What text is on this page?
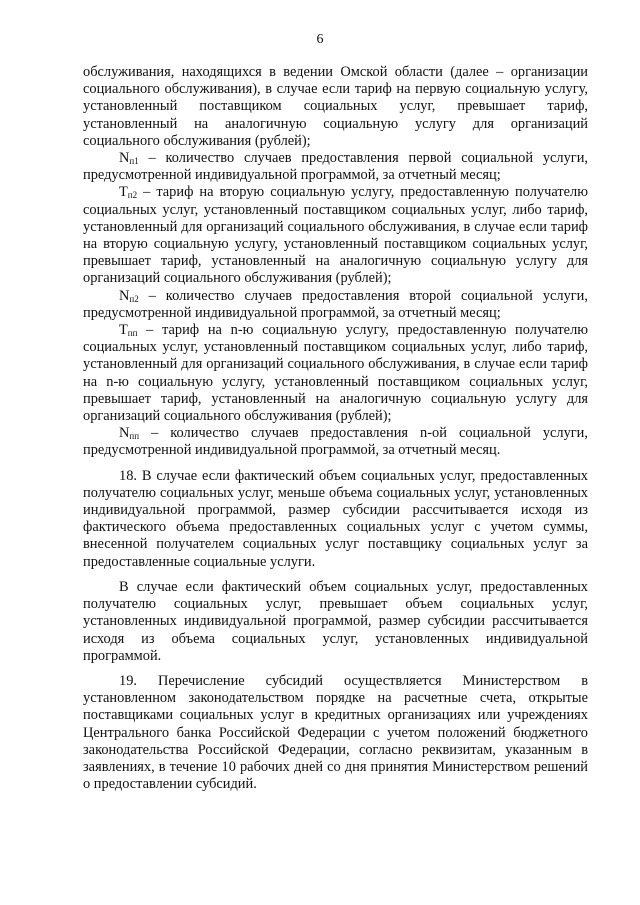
6

обслуживания, находящихся в ведении Омской области (далее – организации социального обслуживания), в случае если тариф на первую социальную услугу, установленный поставщиком социальных услуг, превышает тариф, установленный на аналогичную социальную услугу для организаций социального обслуживания (рублей);

$N_{п1}$ – количество случаев предоставления первой социальной услуги, предусмотренной индивидуальной программой, за отчетный месяц;

$Т_{п2}$ – тариф на вторую социальную услугу, предоставленную получателю социальных услуг, установленный поставщиком социальных услуг, либо тариф, установленный для организаций социального обслуживания, в случае если тариф на вторую социальную услугу, установленный поставщиком социальных услуг, превышает тариф, установленный на аналогичную социальную услугу для организаций социального обслуживания (рублей);

$N_{п2}$ – количество случаев предоставления второй социальной услуги, предусмотренной индивидуальной программой, за отчетный месяц;

$Т_{пп}$ – тариф на n-ю социальную услугу, предоставленную получателю социальных услуг, установленный поставщиком социальных услуг, либо тариф, установленный для организаций социального обслуживания, в случае если тариф на n-ю социальную услугу, установленный поставщиком социальных услуг, превышает тариф, установленный на аналогичную социальную услугу для организаций социального обслуживания (рублей);

$N_{пп}$ – количество случаев предоставления n-ой социальной услуги, предусмотренной индивидуальной программой, за отчетный месяц.

18. В случае если фактический объем социальных услуг, предоставленных получателю социальных услуг, меньше объема социальных услуг, установленных индивидуальной программой, размер субсидии рассчитывается исходя из фактического объема предоставленных социальных услуг с учетом суммы, внесенной получателем социальных услуг поставщику социальных услуг за предоставленные социальные услуги.

В случае если фактический объем социальных услуг, предоставленных получателю социальных услуг, превышает объем социальных услуг, установленных индивидуальной программой, размер субсидии рассчитывается исходя из объема социальных услуг, установленных индивидуальной программой.

19. Перечисление субсидий осуществляется Министерством в установленном законодательством порядке на расчетные счета, открытые поставщиками социальных услуг в кредитных организациях или учреждениях Центрального банка Российской Федерации с учетом положений бюджетного законодательства Российской Федерации, согласно реквизитам, указанным в заявлениях, в течение 10 рабочих дней со дня принятия Министерством решений о предоставлении субсидий.
